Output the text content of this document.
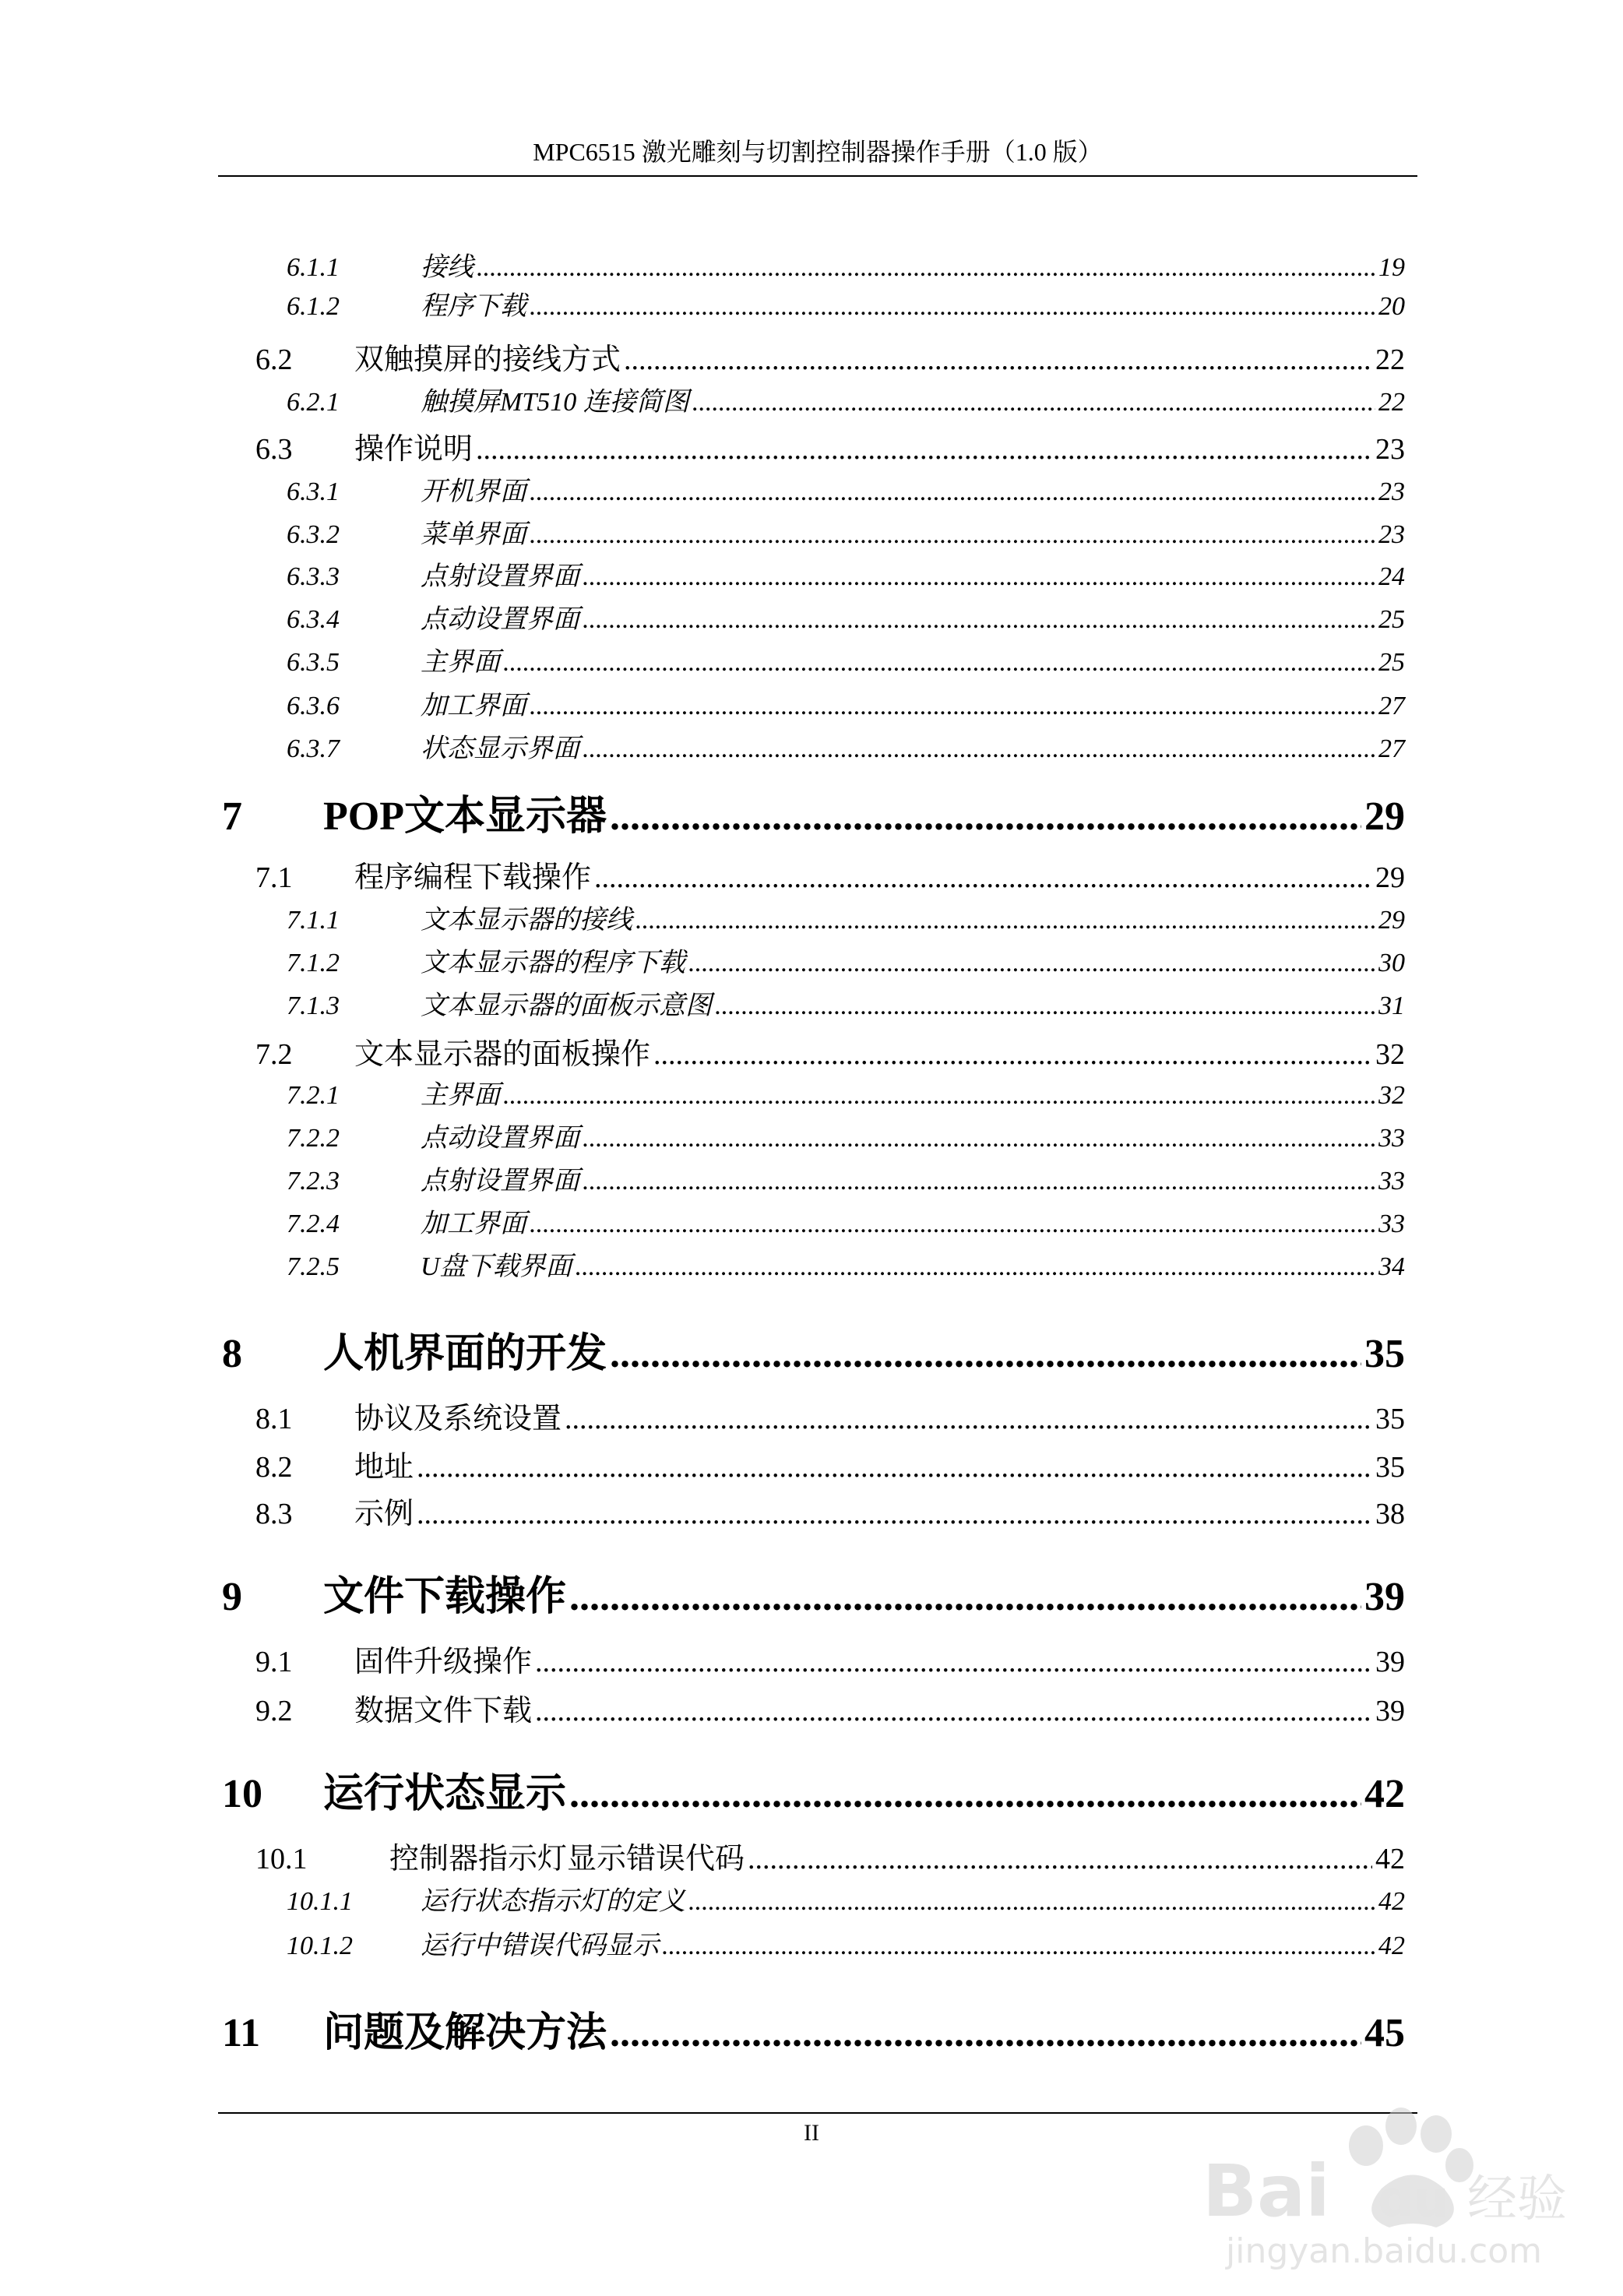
MPC6515 激光雕刻与切割控制器操作手册（1.0 版）
6.1.1	接线 .....	19
6.1.2	程序下载 .....	20
6.2	双触摸屏的接线方式 .....	22
6.2.1	触摸屏MT510 连接简图 .....	22
6.3	操作说明 .....	23
6.3.1	开机界面 .....	23
6.3.2	菜单界面 .....	23
6.3.3	点射设置界面 .....	24
6.3.4	点动设置界面 .....	25
6.3.5	主界面 .....	25
6.3.6	加工界面 .....	27
6.3.7	状态显示界面 .....	27
7	POP文本显示器 .....	29
7.1	程序编程下载操作 .....	29
7.1.1	文本显示器的接线 .....	29
7.1.2	文本显示器的程序下载 .....	30
7.1.3	文本显示器的面板示意图 .....	31
7.2	文本显示器的面板操作 .....	32
7.2.1	主界面 .....	32
7.2.2	点动设置界面 .....	33
7.2.3	点射设置界面 .....	33
7.2.4	加工界面 .....	33
7.2.5	U盘下载界面 .....	34
8	人机界面的开发 .....	35
8.1	协议及系统设置 .....	35
8.2	地址 .....	35
8.3	示例 .....	38
9	文件下载操作 .....	39
9.1	固件升级操作 .....	39
9.2	数据文件下载 .....	39
10	运行状态显示 .....	42
10.1	控制器指示灯显示错误代码 .....	42
10.1.1	运行状态指示灯的定义 .....	42
10.1.2	运行中错误代码显示 .....	42
11	问题及解决方法 .....	45
II
Bai du 经验
jingyan.baidu.com
